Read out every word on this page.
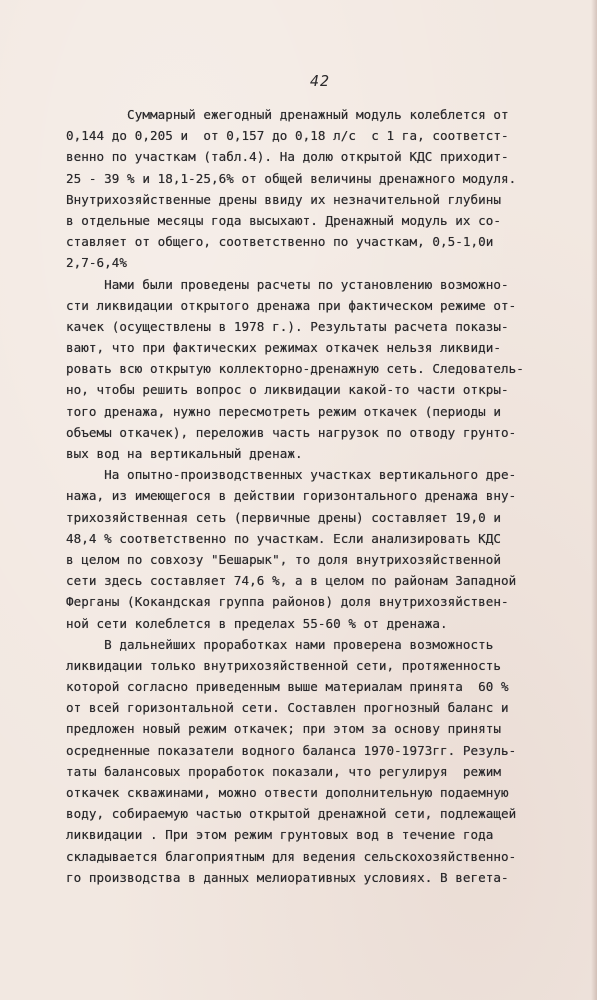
42
Суммарный ежегодный дренажный модуль колеблется от
0,144 до 0,205 и  от 0,157 до 0,18 л/с  с 1 га, соответст-
венно по участкам (табл.4). На долю открытой КДС приходит-
25 - 39 % и 18,1-25,6% от общей величины дренажного модуля.
Внутрихозяйственные дрены ввиду их незначительной глубины
в отдельные месяцы года высыхают. Дренажный модуль их со-
ставляет от общего, соответственно по участкам, 0,5-1,0и
2,7-6,4%
Нами были проведены расчеты по установлению возможно-
сти ликвидации открытого дренажа при фактическом режиме от-
качек (осуществлены в 1978 г.). Результаты расчета показы-
вают, что при фактических режимах откачек нельзя ликвиди-
ровать всю открытую коллекторно-дренажную сеть. Следователь-
но, чтобы решить вопрос о ликвидации какой-то части откры-
того дренажа, нужно пересмотреть режим откачек (периоды и
объемы откачек), переложив часть нагрузок по отводу грунто-
вых вод на вертикальный дренаж.
На опытно-производственных участках вертикального дре-
нажа, из имеющегося в действии горизонтального дренажа вну-
трихозяйственная сеть (первичные дрены) составляет 19,0 и
48,4 % соответственно по участкам. Если анализировать КДС
в целом по совхозу "Бешарык", то доля внутрихозяйственной
сети здесь составляет 74,6 %, а в целом по районам Западной
Ферганы (Кокандская группа районов) доля внутрихозяйствен-
ной сети колеблется в пределах 55-60 % от дренажа.
В дальнейших проработках нами проверена возможность
ликвидации только внутрихозяйственной сети, протяженность
которой согласно приведенным выше материалам принята  60 %
от всей горизонтальной сети. Составлен прогнозный баланс и
предложен новый режим откачек; при этом за основу приняты
осредненные показатели водного баланса 1970-1973гг. Резуль-
таты балансовых проработок показали, что регулируя  режим
откачек скважинами, можно отвести дополнительную подаемную
воду, собираемую частью открытой дренажной сети, подлежащей
ликвидации . При этом режим грунтовых вод в течение года
складывается благоприятным для ведения сельскохозяйственно-
го производства в данных мелиоративных условиях. В вегета-
